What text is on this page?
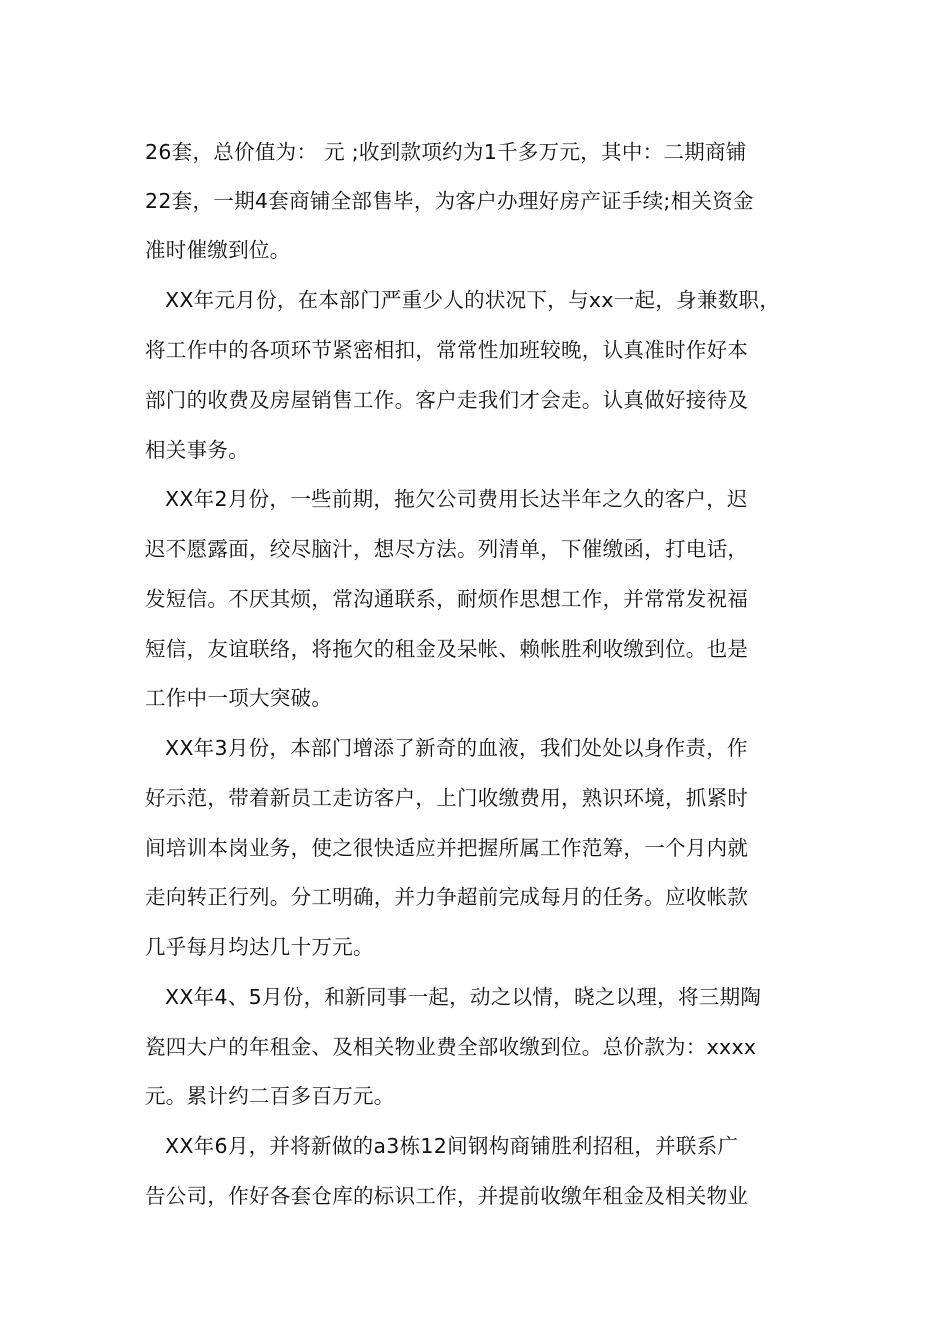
26套，总价值为： 元 ;收到款项约为1千多万元，其中：二期商铺
22套，一期4套商铺全部售毕，为客户办理好房产证手续;相关资金
准时催缴到位。
XX年元月份，在本部门严重少人的状况下，与xx一起，身兼数职，
将工作中的各项环节紧密相扣，常常性加班较晚，认真准时作好本
部门的收费及房屋销售工作。客户走我们才会走。认真做好接待及
相关事务。
XX年2月份，一些前期，拖欠公司费用长达半年之久的客户，迟
迟不愿露面，绞尽脑汁，想尽方法。列清单，下催缴函，打电话，
发短信。不厌其烦，常沟通联系，耐烦作思想工作，并常常发祝福
短信，友谊联络，将拖欠的租金及呆帐、赖帐胜利收缴到位。也是
工作中一项大突破。
XX年3月份，本部门增添了新奇的血液，我们处处以身作责，作
好示范，带着新员工走访客户，上门收缴费用，熟识环境，抓紧时
间培训本岗业务，使之很快适应并把握所属工作范筹，一个月内就
走向转正行列。分工明确，并力争超前完成每月的任务。应收帐款
几乎每月均达几十万元。
XX年4、5月份，和新同事一起，动之以情，晓之以理，将三期陶
瓷四大户的年租金、及相关物业费全部收缴到位。总价款为：xxxx
元。累计约二百多百万元。
XX年6月，并将新做的a3栋12间钢构商铺胜利招租，并联系广
告公司，作好各套仓库的标识工作，并提前收缴年租金及相关物业
